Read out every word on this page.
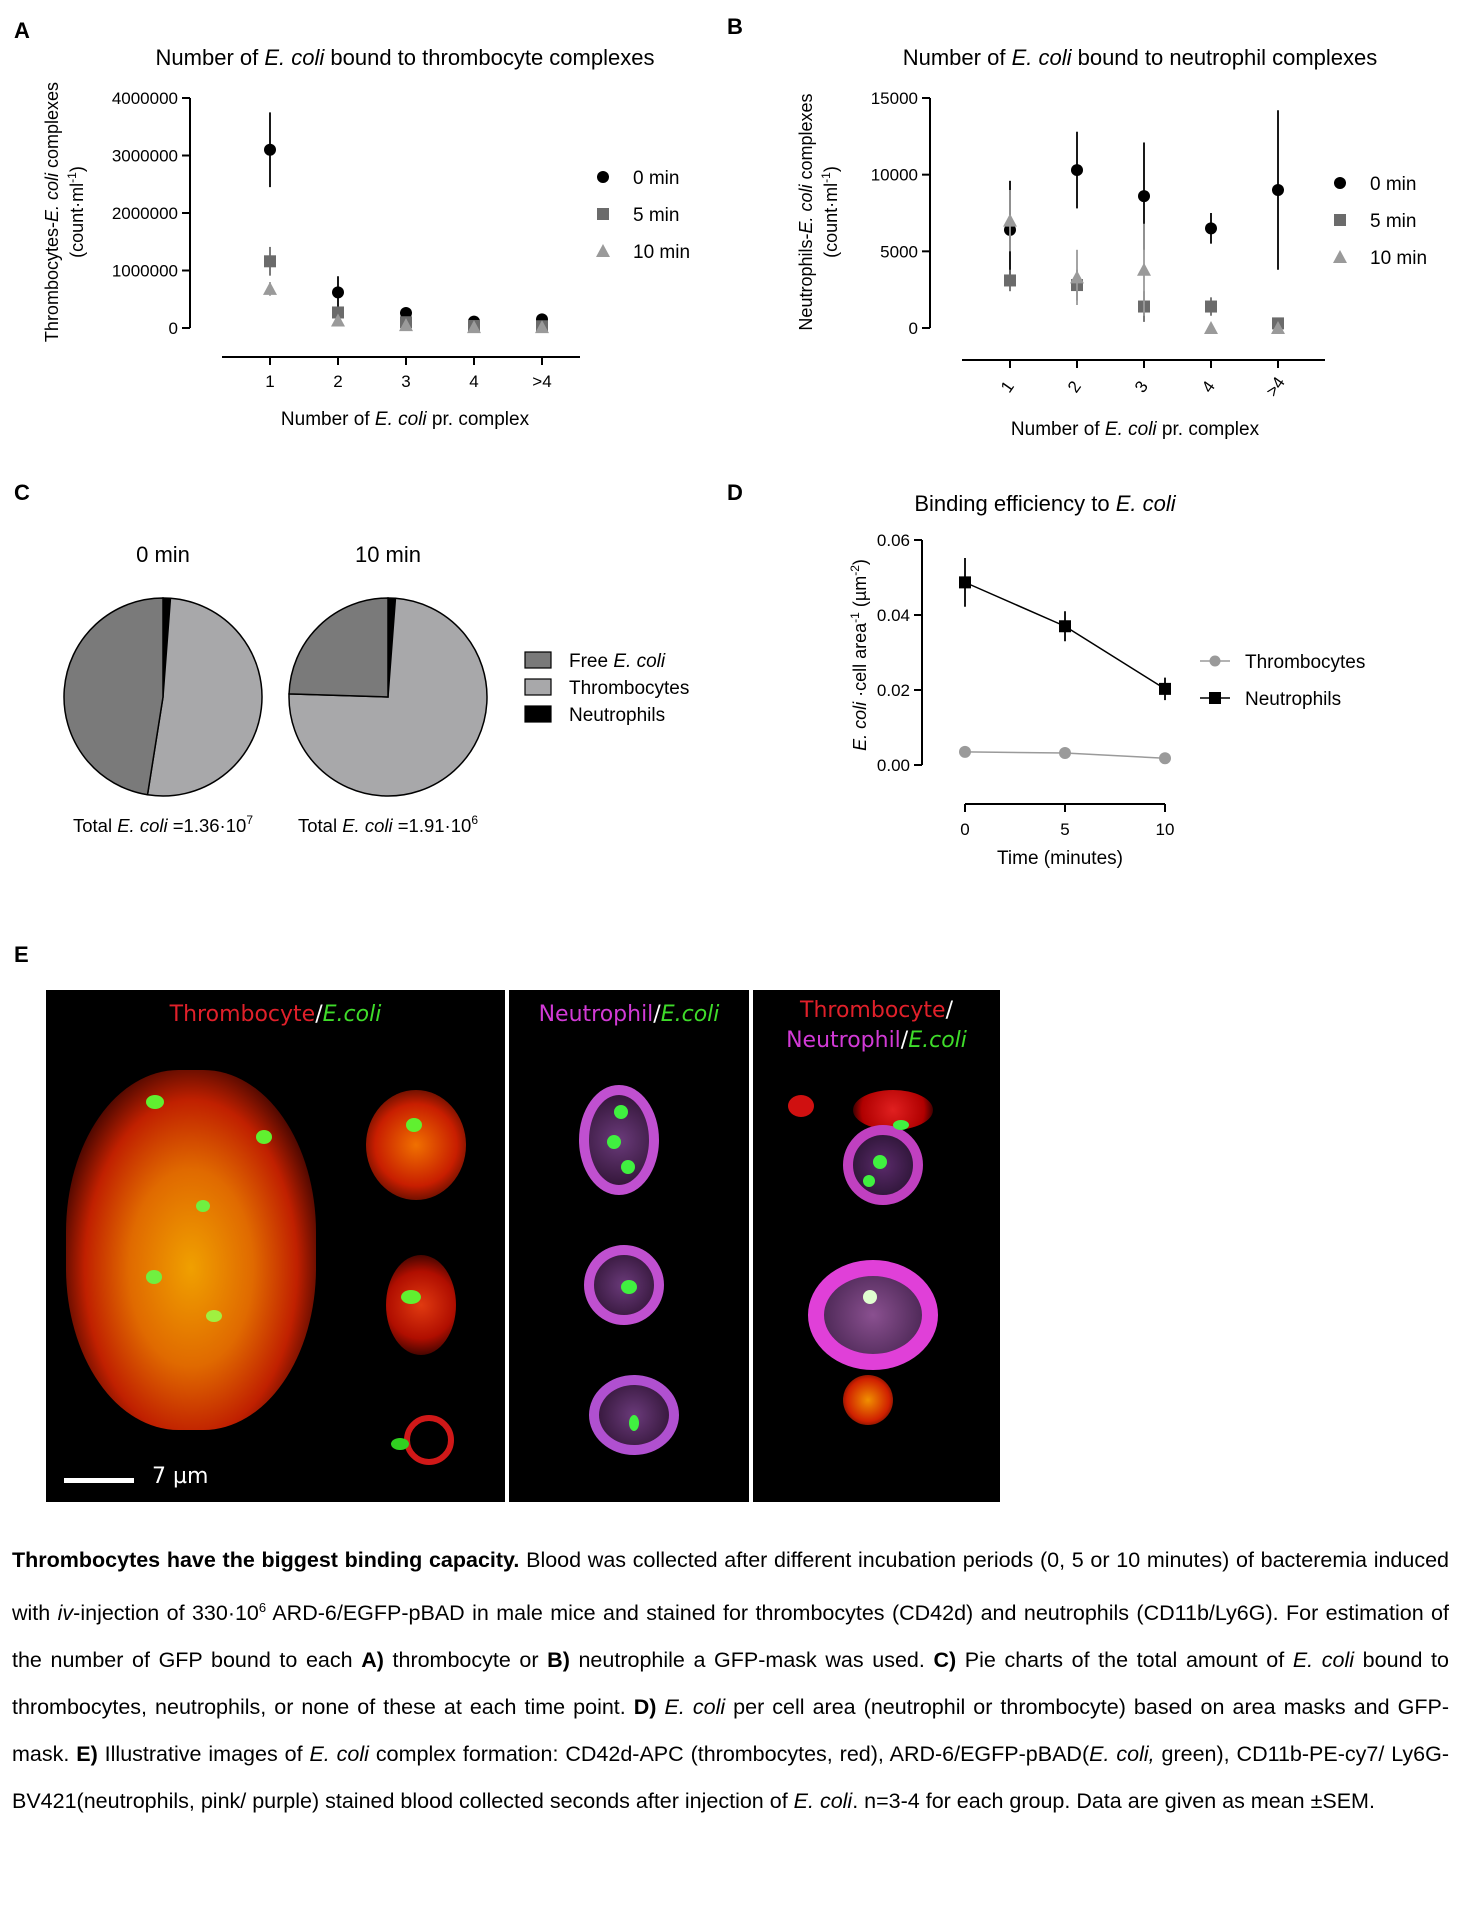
A	B
C	D
E
Number of E. coli bound to thrombocyte complexes
Thrombocytes-E. coli complexes
$(count\cdot ml^{-1})$
Number of E. coli pr. complex
0
1000000
2000000
3000000
4000000
1	2	3	4	>4
0 min
5 min
10 min
Number of E. coli bound to neutrophil complexes
Neutrophils-E. coli complexes
$(count\cdot ml^{-1})$
Number of E. coli pr. complex
0
5000
10000
15000
1	2	3	4	>4
0 min
5 min
10 min
0 min	10 min
Total E. coli $=1.36\cdot 10^7$ Total E. coli $=1.91\cdot 10^6$
Free E. coli
Thrombocytes
Neutrophils
Binding efficiency to E. coli
E. coli ·cell area$^{-1}$ (µm$^{-2}$)
Time (minutes)
0.00
0.02
0.04
0.06
0	5	10
Thrombocytes
Neutrophils
Thrombocyte/E.coli
7 µm
Neutrophil/E.coli	Thrombocyte/
Neutrophil/E.coli
Thrombocytes have the biggest binding capacity. Blood was collected after different incubation periods (0, 5 or 10 minutes) of bacteremia induced with iv-injection of $330\cdot 10^6$ ARD-6/EGFP-pBAD in male mice and stained for thrombocytes (CD42d) and neutrophils (CD11b/Ly6G). For estimation of the number of GFP bound to each A) thrombocyte or B) neutrophile a GFP-mask was used. C) Pie charts of the total amount of E. coli bound to thrombocytes, neutrophils, or none of these at each time point. D) E. coli per cell area (neutrophil or thrombocyte) based on area masks and GFP-mask. E) Illustrative images of E. coli complex formation: CD42d-APC (thrombocytes, red), ARD-6/EGFP-pBAD(E. coli, green), CD11b-PE-cy7/ Ly6G-BV421(neutrophils, pink/ purple) stained blood collected seconds after injection of E. coli. n=3-4 for each group. Data are given as mean ±SEM.
